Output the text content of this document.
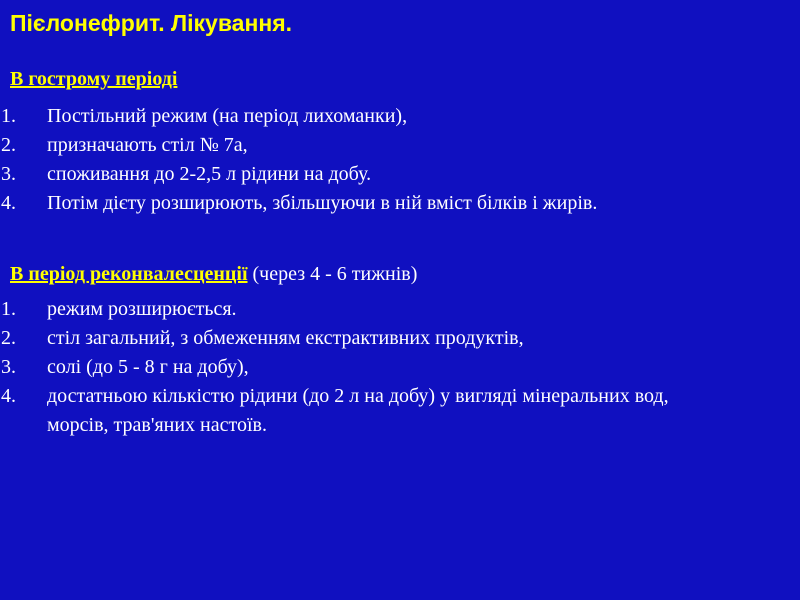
Пієлонефрит. Лікування.
В гострому періоді
1. Постільний режим (на період лихоманки),
2. призначають стіл № 7а,
3. споживання до 2-2,5 л рідини на добу.
4. Потім дієту розширюють, збільшуючи в ній вміст білків і жирів.
В період реконвалесценції (через 4 - 6 тижнів)
1. режим розширюється.
2. стіл загальний, з обмеженням екстрактивних продуктів,
3. солі (до 5 - 8 г на добу),
4. достатньою кількістю рідини (до 2 л на добу) у вигляді мінеральних вод, морсів, трав'яних настоїв.
